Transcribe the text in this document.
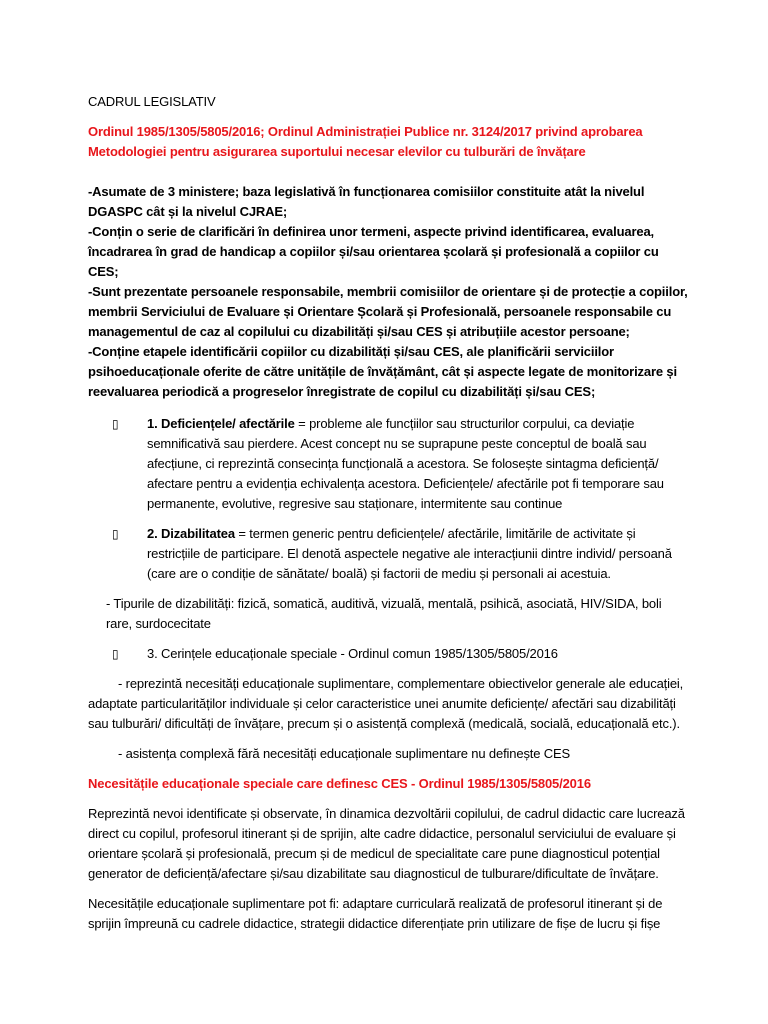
CADRUL LEGISLATIV

Ordinul 1985/1305/5805/2016; Ordinul Administrației Publice nr. 3124/2017 privind aprobarea Metodologiei pentru asigurarea suportului necesar elevilor cu tulburări de învățare

-Asumate de 3 ministere; baza legislativă în funcționarea comisiilor constituite atât la nivelul DGASPC cât și la nivelul CJRAE;

-Conțin o serie de clarificări în definirea unor termeni, aspecte privind identificarea, evaluarea, încadrarea în grad de handicap a copiilor și/sau orientarea școlară și profesională a copiilor cu CES;

-Sunt prezentate persoanele responsabile, membrii comisiilor de orientare și de protecție a copiilor, membrii Serviciului de Evaluare și Orientare Școlară și Profesională, persoanele responsabile cu managementul de caz al copilului cu dizabilități și/sau CES și atribuțiile acestor persoane;

-Conține etapele identificării copiilor cu dizabilități și/sau CES, ale planificării serviciilor psihoeducaționale oferite de către unitățile de învățământ, cât și aspecte legate de monitorizare și reevaluarea periodică a progreselor înregistrate de copilul cu dizabilități și/sau CES;

▯ 1. Deficiențele/ afectările = probleme ale funcțiilor sau structurilor corpului, ca deviație semnificativă sau pierdere. Acest concept nu se suprapune peste conceptul de boală sau afecțiune, ci reprezintă consecința funcțională a acestora. Se folosește sintagma deficiență/ afectare pentru a evidenția echivalența acestora. Deficiențele/ afectările pot fi temporare sau permanente, evolutive, regresive sau staționare, intermitente sau continue
▯ 2. Dizabilitatea = termen generic pentru deficiențele/ afectările, limitările de activitate și restricțiile de participare. El denotă aspectele negative ale interacțiunii dintre individ/ persoană (care are o condiție de sănătate/ boală) și factorii de mediu și personali ai acestuia.

- Tipurile de dizabilități: fizică, somatică, auditivă, vizuală, mentală, psihică, asociată, HIV/SIDA, boli rare, surdocecitate

▯ 3. Cerințele educaționale speciale - Ordinul comun 1985/1305/5805/2016

- reprezintă necesități educaționale suplimentare, complementare obiectivelor generale ale educației, adaptate particularităților individuale și celor caracteristice unei anumite deficiențe/ afectări sau dizabilități sau tulburări/ dificultăți de învățare, precum și o asistență complexă (medicală, socială, educațională etc.).

- asistența complexă fără necesități educaționale suplimentare nu definește CES

Necesitățile educaționale speciale care definesc CES - Ordinul 1985/1305/5805/2016

Reprezintă nevoi identificate și observate, în dinamica dezvoltării copilului, de cadrul didactic care lucrează direct cu copilul, profesorul itinerant și de sprijin, alte cadre didactice, personalul serviciului de evaluare și orientare școlară și profesională, precum și de medicul de specialitate care pune diagnosticul potențial generator de deficiență/afectare și/sau dizabilitate sau diagnosticul de tulburare/dificultate de învățare.

Necesitățile educaționale suplimentare pot fi: adaptare curriculară realizată de profesorul itinerant și de sprijin împreună cu cadrele didactice, strategii didactice diferențiate prin utilizare de fișe de lucru și fișe
